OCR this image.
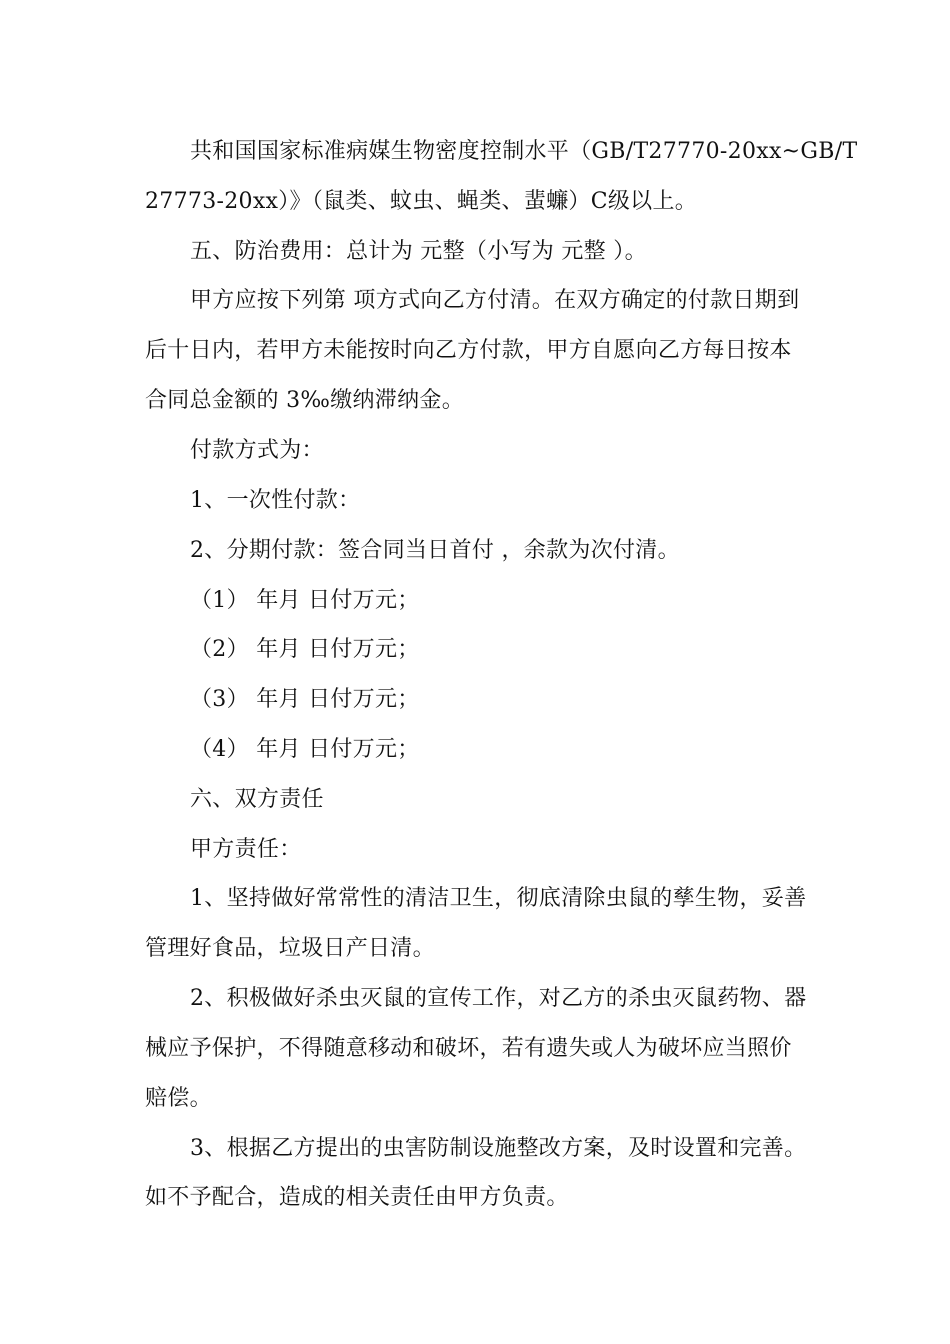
共和国国家标准病媒生物密度控制水平（GB/T27770-20xx~GB/T
27773-20xx）》（鼠类、蚊虫、蝇类、蜚蠊）C级以上。
五、防治费用：总计为 元整（小写为 元整 ）。
甲方应按下列第 项方式向乙方付清。在双方确定的付款日期到
后十日内，若甲方未能按时向乙方付款，甲方自愿向乙方每日按本
合同总金额的 3‰缴纳滞纳金。
付款方式为：
1、一次性付款：
2、分期付款：签合同当日首付 ，余款为次付清。
（1） 年月 日付万元；
（2） 年月 日付万元；
（3） 年月 日付万元；
（4） 年月 日付万元；
六、双方责任
甲方责任：
1、坚持做好常常性的清洁卫生，彻底清除虫鼠的孳生物，妥善
管理好食品，垃圾日产日清。
2、积极做好杀虫灭鼠的宣传工作，对乙方的杀虫灭鼠药物、器
械应予保护，不得随意移动和破坏，若有遗失或人为破坏应当照价
赔偿。
3、根据乙方提出的虫害防制设施整改方案，及时设置和完善。
如不予配合，造成的相关责任由甲方负责。
